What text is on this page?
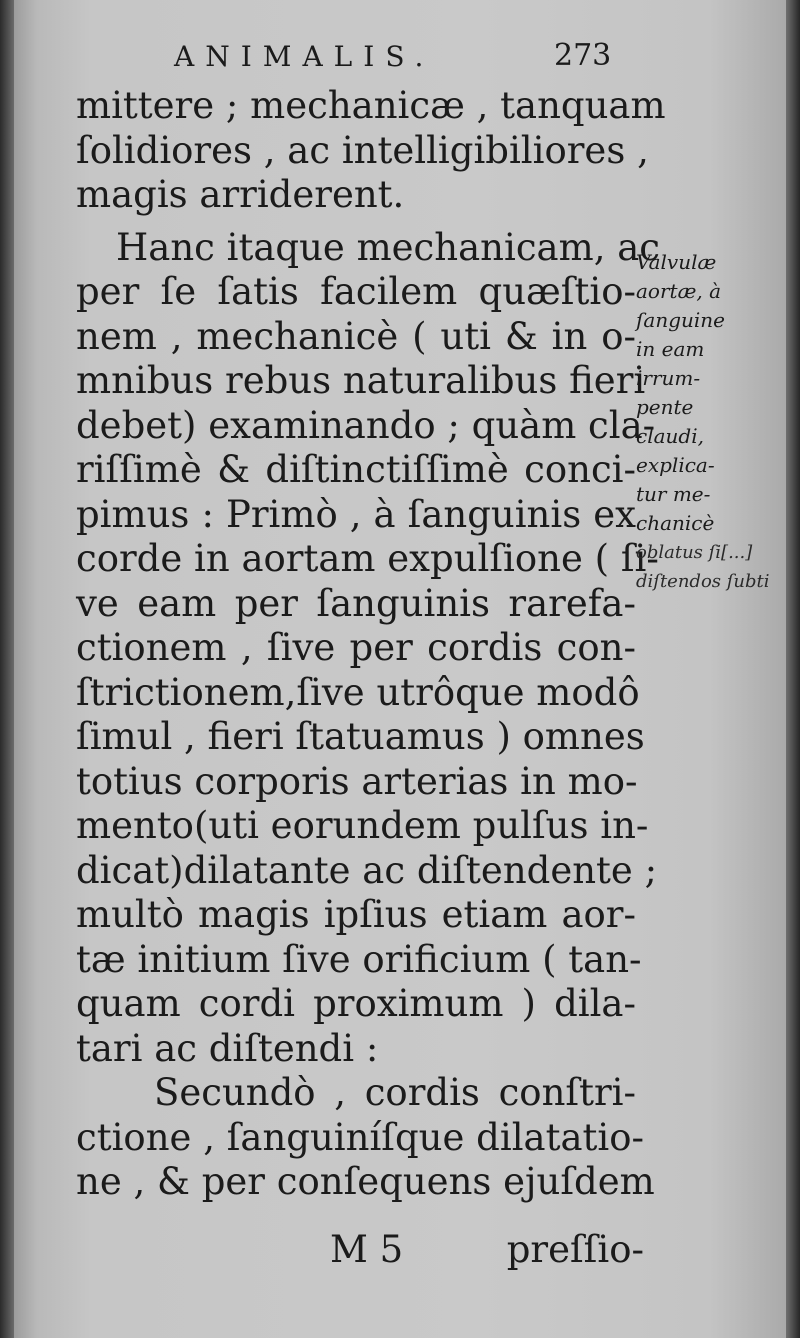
ANIMALIS.	273
mittere ; mechanicæ , tanquam
ſolidiores , ac intelligibiliores ,
magis arriderent.
Hanc itaque mechanicam, ac
per ſe ſatis facilem quæſtio-
nem , mechanicè ( uti & in o-
mnibus rebus naturalibus fieri
debet) examinando ; quàm cla-
riſſimè & diſtinctiſſimè conci-
pimus : Primò , à ſanguinis ex
corde in aortam expulſione ( ſi-
ve eam per ſanguinis rarefa-
ctionem , ſive per cordis con-
ſtrictionem,ſive utrôque modô
ſimul , fieri ſtatuamus ) omnes
totius corporis arterias in mo-
mento(uti eorundem pulſus in-
dicat)dilatante ac diſtendente ;
multò magis ipſius etiam aor-
tæ initium ſive orificium ( tan-
quam cordi proximum ) dila-
tari ac diſtendi :
Secundò , cordis conſtri-
ctione , ſanguiníſque dilatatio-
ne , & per conſequens ejuſdem
Valvulæ
aortæ, à
ſanguine
in eam
irrum-
pente
claudi,
explica-
tur me-
chanicè
oblatus ſi[...]
diſtendos ſubti
M 5	preſſio-
